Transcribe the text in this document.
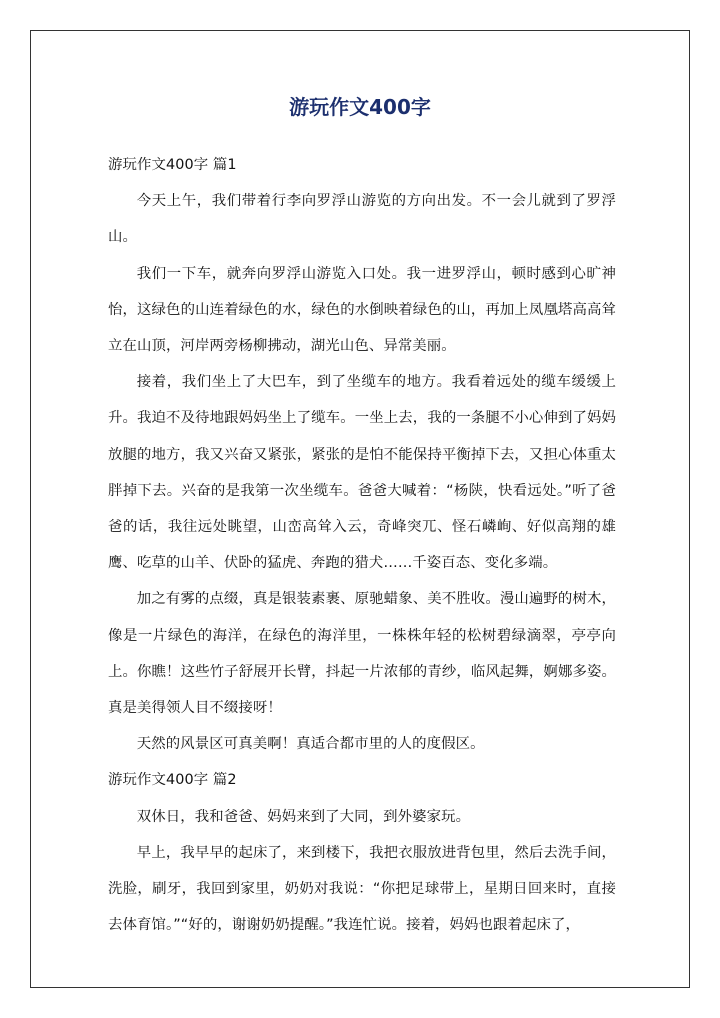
游玩作文400字

游玩作文400字 篇1

今天上午，我们带着行李向罗浮山游览的方向出发。不一会儿就到了罗浮山。

我们一下车，就奔向罗浮山游览入口处。我一进罗浮山，顿时感到心旷神怡，这绿色的山连着绿色的水，绿色的水倒映着绿色的山，再加上凤凰塔高高耸立在山顶，河岸两旁杨柳拂动，湖光山色、异常美丽。

接着，我们坐上了大巴车，到了坐缆车的地方。我看着远处的缆车缓缓上升。我迫不及待地跟妈妈坐上了缆车。一坐上去，我的一条腿不小心伸到了妈妈放腿的地方，我又兴奋又紧张，紧张的是怕不能保持平衡掉下去，又担心体重太胖掉下去。兴奋的是我第一次坐缆车。爸爸大喊着：“杨陕，快看远处。”听了爸爸的话，我往远处眺望，山峦高耸入云，奇峰突兀、怪石嶙峋、好似高翔的雄鹰、吃草的山羊、伏卧的猛虎、奔跑的猎犬……千姿百态、变化多端。

加之有雾的点缀，真是银装素裹、原驰蜡象、美不胜收。漫山遍野的树木，像是一片绿色的海洋，在绿色的海洋里，一株株年轻的松树碧绿滴翠，亭亭向上。你瞧！这些竹子舒展开长臂，抖起一片浓郁的青纱，临风起舞，婀娜多姿。真是美得领人目不缀接呀！

天然的风景区可真美啊！真适合都市里的人的度假区。

游玩作文400字 篇2

双休日，我和爸爸、妈妈来到了大同，到外婆家玩。

早上，我早早的起床了，来到楼下，我把衣服放进背包里，然后去洗手间，洗脸，刷牙，我回到家里，奶奶对我说：“你把足球带上，星期日回来时，直接去体育馆。”“好的，谢谢奶奶提醒。”我连忙说。接着，妈妈也跟着起床了，
